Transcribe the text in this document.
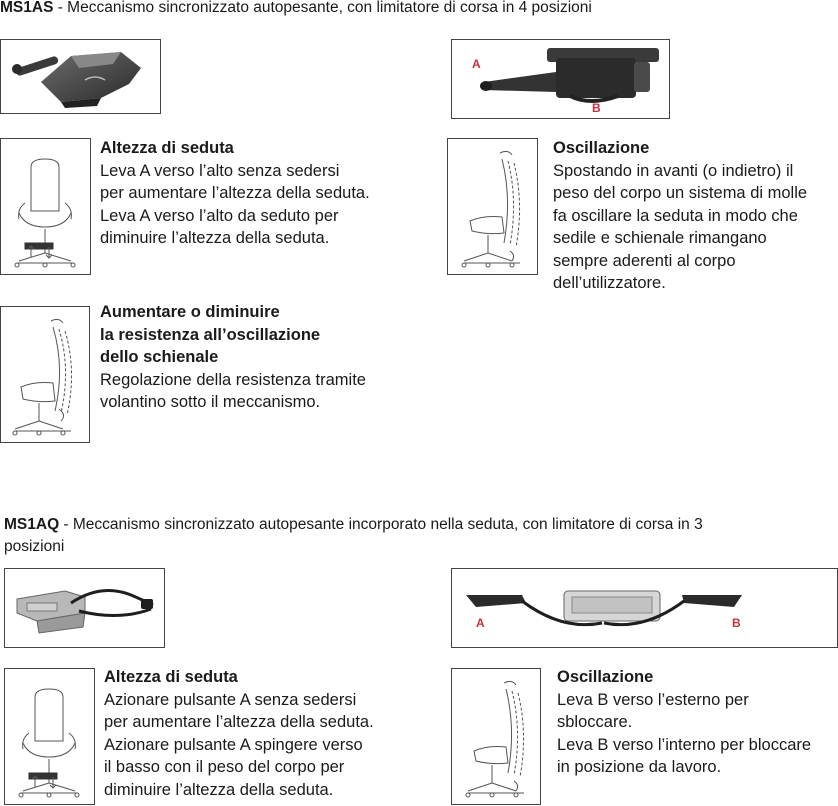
MS1AS - Meccanismo sincronizzato autopesante, con limitatore di corsa in 4 posizioni
A
B
Altezza di seduta
Leva A verso l’alto senza sedersi
per aumentare l’altezza della seduta.
Leva A verso l’alto da seduto per
diminuire l’altezza della seduta.
Oscillazione
Spostando in avanti (o indietro) il
peso del corpo un sistema di molle
fa oscillare la seduta in modo che
sedile e schienale rimangano
sempre aderenti al corpo
dell’utilizzatore.
Aumentare o diminuire
la resistenza all’oscillazione
dello schienale
Regolazione della resistenza tramite
volantino sotto il meccanismo.
MS1AQ - Meccanismo sincronizzato autopesante incorporato nella seduta, con limitatore di corsa in 3
posizioni
A	B
Altezza di seduta
Azionare pulsante A senza sedersi
per aumentare l’altezza della seduta.
Azionare pulsante A spingere verso
il basso con il peso del corpo per
diminuire l’altezza della seduta.
Oscillazione
Leva B verso l’esterno per
sbloccare.
Leva B verso l’interno per bloccare
in posizione da lavoro.
